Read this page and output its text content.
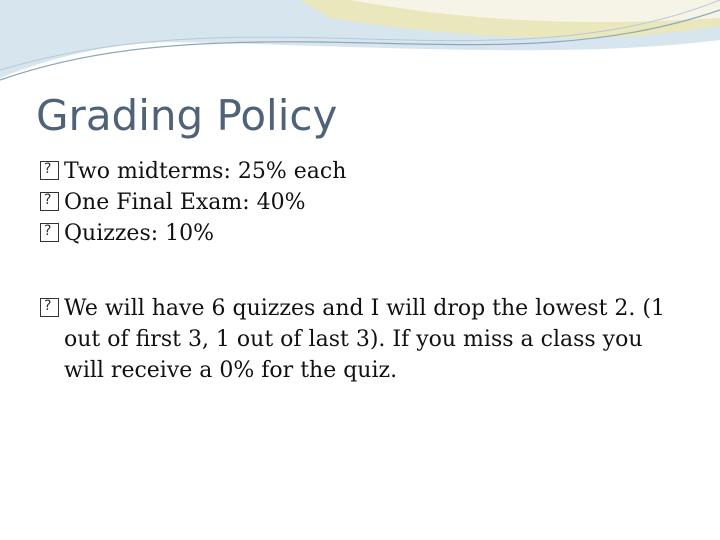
Grading Policy
?
Two midterms: 25% each
?
One Final Exam: 40%
?
Quizzes: 10%
?
We will have 6 quizzes and I will drop the lowest 2. (1 out of first 3, 1 out of last 3). If you miss a class you will receive a 0% for the quiz.
